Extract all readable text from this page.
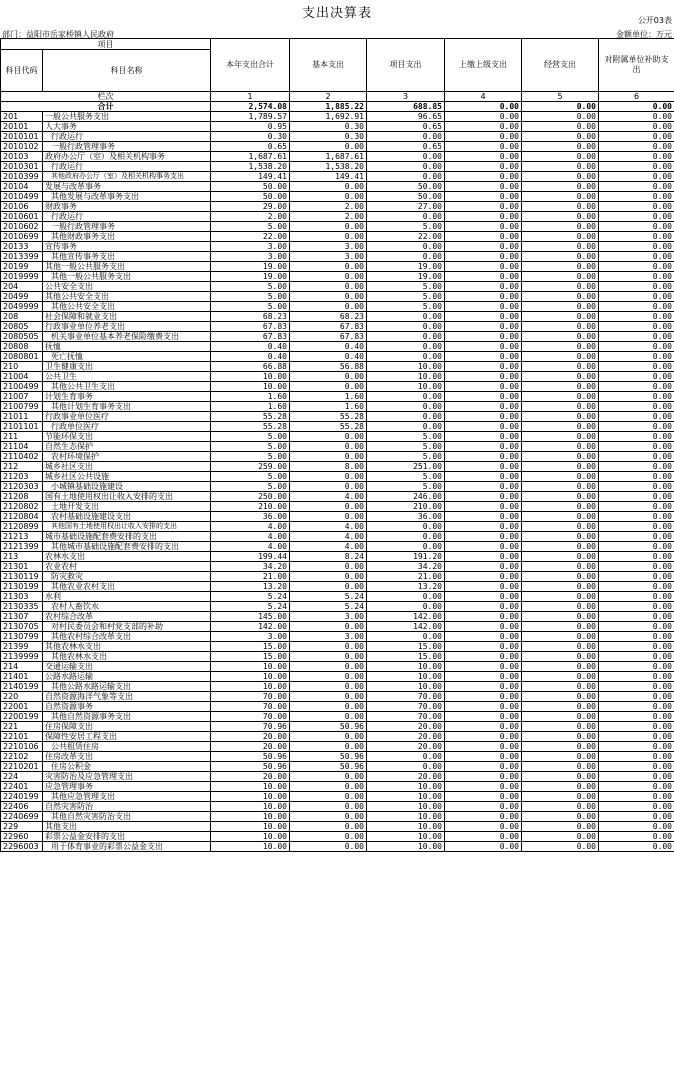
支出决算表	公开03表
部门：益阳市岳家桥镇人民政府	金额单位：万元
项目		本年支出合计	基本支出	项目支出	上缴上级支出	经营支出	对附属单位补助支出
科目代码	科目名称						
栏次		1	2	3	4	5	6
合计		2,574.08	1,885.22	688.85	0.00	0.00	0.00
201	一般公共服务支出	1,789.57	1,692.91	96.65	0.00	0.00	0.00
20101	人大事务	0.95	0.30	0.65	0.00	0.00	0.00
2010101	行政运行	0.30	0.30	0.00	0.00	0.00	0.00
2010102	一般行政管理事务	0.65	0.00	0.65	0.00	0.00	0.00
20103	政府办公厅（室）及相关机构事务	1,687.61	1,687.61	0.00	0.00	0.00	0.00
2010301	行政运行	1,538.20	1,538.20	0.00	0.00	0.00	0.00
2010399	其他政府办公厅（室）及相关机构事务支出	149.41	149.41	0.00	0.00	0.00	0.00
20104	发展与改革事务	50.00	0.00	50.00	0.00	0.00	0.00
2010499	其他发展与改革事务支出	50.00	0.00	50.00	0.00	0.00	0.00
20106	财政事务	29.00	2.00	27.00	0.00	0.00	0.00
2010601	行政运行	2.00	2.00	0.00	0.00	0.00	0.00
2010602	一般行政管理事务	5.00	0.00	5.00	0.00	0.00	0.00
2010699	其他财政事务支出	22.00	0.00	22.00	0.00	0.00	0.00
20133	宣传事务	3.00	3.00	0.00	0.00	0.00	0.00
2013399	其他宣传事务支出	3.00	3.00	0.00	0.00	0.00	0.00
20199	其他一般公共服务支出	19.00	0.00	19.00	0.00	0.00	0.00
2019999	其他一般公共服务支出	19.00	0.00	19.00	0.00	0.00	0.00
204	公共安全支出	5.00	0.00	5.00	0.00	0.00	0.00
20499	其他公共安全支出	5.00	0.00	5.00	0.00	0.00	0.00
2049999	其他公共安全支出	5.00	0.00	5.00	0.00	0.00	0.00
208	社会保障和就业支出	68.23	68.23	0.00	0.00	0.00	0.00
20805	行政事业单位养老支出	67.83	67.83	0.00	0.00	0.00	0.00
2080505	机关事业单位基本养老保险缴费支出	67.83	67.83	0.00	0.00	0.00	0.00
20808	抚恤	0.40	0.40	0.00	0.00	0.00	0.00
2080801	死亡抚恤	0.40	0.40	0.00	0.00	0.00	0.00
210	卫生健康支出	66.88	56.88	10.00	0.00	0.00	0.00
21004	公共卫生	10.00	0.00	10.00	0.00	0.00	0.00
2100499	其他公共卫生支出	10.00	0.00	10.00	0.00	0.00	0.00
21007	计划生育事务	1.60	1.60	0.00	0.00	0.00	0.00
2100799	其他计划生育事务支出	1.60	1.60	0.00	0.00	0.00	0.00
21011	行政事业单位医疗	55.28	55.28	0.00	0.00	0.00	0.00
2101101	行政单位医疗	55.28	55.28	0.00	0.00	0.00	0.00
211	节能环保支出	5.00	0.00	5.00	0.00	0.00	0.00
21104	自然生态保护	5.00	0.00	5.00	0.00	0.00	0.00
2110402	农村环境保护	5.00	0.00	5.00	0.00	0.00	0.00
212	城乡社区支出	259.00	8.00	251.00	0.00	0.00	0.00
21203	城乡社区公共设施	5.00	0.00	5.00	0.00	0.00	0.00
2120303	小城镇基础设施建设	5.00	0.00	5.00	0.00	0.00	0.00
21208	国有土地使用权出让收入安排的支出	250.00	4.00	246.00	0.00	0.00	0.00
2120802	土地开发支出	210.00	0.00	210.00	0.00	0.00	0.00
2120804	农村基础设施建设支出	36.00	0.00	36.00	0.00	0.00	0.00
2120899	其他国有土地使用权出让收入安排的支出	4.00	4.00	0.00	0.00	0.00	0.00
21213	城市基础设施配套费安排的支出	4.00	4.00	0.00	0.00	0.00	0.00
2121399	其他城市基础设施配套费安排的支出	4.00	4.00	0.00	0.00	0.00	0.00
213	农林水支出	199.44	8.24	191.20	0.00	0.00	0.00
21301	农业农村	34.20	0.00	34.20	0.00	0.00	0.00
2130119	防灾救灾	21.00	0.00	21.00	0.00	0.00	0.00
2130199	其他农业农村支出	13.20	0.00	13.20	0.00	0.00	0.00
21303	水利	5.24	5.24	0.00	0.00	0.00	0.00
2130335	农村人畜饮水	5.24	5.24	0.00	0.00	0.00	0.00
21307	农村综合改革	145.00	3.00	142.00	0.00	0.00	0.00
2130705	对村民委员会和村党支部的补助	142.00	0.00	142.00	0.00	0.00	0.00
2130799	其他农村综合改革支出	3.00	3.00	0.00	0.00	0.00	0.00
21399	其他农林水支出	15.00	0.00	15.00	0.00	0.00	0.00
2139999	其他农林水支出	15.00	0.00	15.00	0.00	0.00	0.00
214	交通运输支出	10.00	0.00	10.00	0.00	0.00	0.00
21401	公路水路运输	10.00	0.00	10.00	0.00	0.00	0.00
2140199	其他公路水路运输支出	10.00	0.00	10.00	0.00	0.00	0.00
220	自然资源海洋气象等支出	70.00	0.00	70.00	0.00	0.00	0.00
22001	自然资源事务	70.00	0.00	70.00	0.00	0.00	0.00
2200199	其他自然资源事务支出	70.00	0.00	70.00	0.00	0.00	0.00
221	住房保障支出	70.96	50.96	20.00	0.00	0.00	0.00
22101	保障性安居工程支出	20.00	0.00	20.00	0.00	0.00	0.00
2210106	公共租赁住房	20.00	0.00	20.00	0.00	0.00	0.00
22102	住房改革支出	50.96	50.96	0.00	0.00	0.00	0.00
2210201	住房公积金	50.96	50.96	0.00	0.00	0.00	0.00
224	灾害防治及应急管理支出	20.00	0.00	20.00	0.00	0.00	0.00
22401	应急管理事务	10.00	0.00	10.00	0.00	0.00	0.00
2240199	其他应急管理支出	10.00	0.00	10.00	0.00	0.00	0.00
22406	自然灾害防治	10.00	0.00	10.00	0.00	0.00	0.00
2240699	其他自然灾害防治支出	10.00	0.00	10.00	0.00	0.00	0.00
229	其他支出	10.00	0.00	10.00	0.00	0.00	0.00
22960	彩票公益金安排的支出	10.00	0.00	10.00	0.00	0.00	0.00
2296003	用于体育事业的彩票公益金支出	10.00	0.00	10.00	0.00	0.00	0.00
